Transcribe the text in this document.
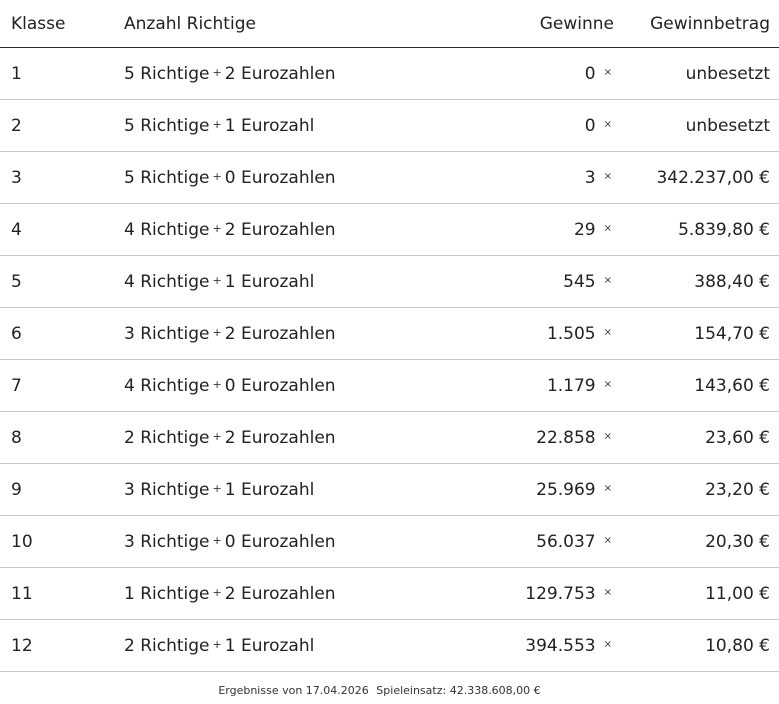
Klasse	Anzahl Richtige	Gewinne	Gewinnbetrag
1	5 Richtige + 2 Eurozahlen	0 ×	unbesetzt
2	5 Richtige + 1 Eurozahl	0 ×	unbesetzt
3	5 Richtige + 0 Eurozahlen	3 ×	342.237,00 €
4	4 Richtige + 2 Eurozahlen	29 ×	5.839,80 €
5	4 Richtige + 1 Eurozahl	545 ×	388,40 €
6	3 Richtige + 2 Eurozahlen	1.505 ×	154,70 €
7	4 Richtige + 0 Eurozahlen	1.179 ×	143,60 €
8	2 Richtige + 2 Eurozahlen	22.858 ×	23,60 €
9	3 Richtige + 1 Eurozahl	25.969 ×	23,20 €
10	3 Richtige + 0 Eurozahlen	56.037 ×	20,30 €
11	1 Richtige + 2 Eurozahlen	129.753 ×	11,00 €
12	2 Richtige + 1 Eurozahl	394.553 ×	10,80 €
Ergebnisse von 17.04.2026 Spieleinsatz: 42.338.608,00 €
